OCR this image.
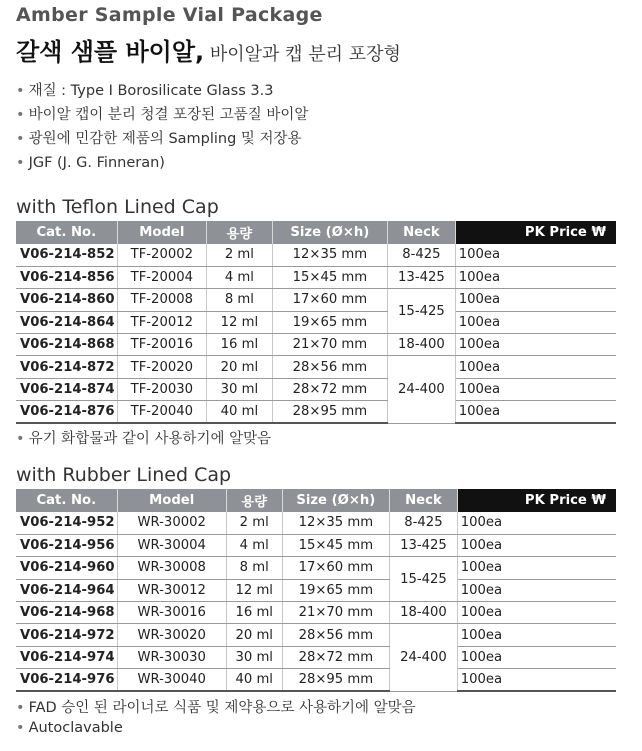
Amber Sample Vial Package
갈색 샘플 바이알, 바이알과 캡 분리 포장형
• 재질 : Type I Borosilicate Glass 3.3
• 바이알 캡이 분리 청결 포장된 고품질 바이알
• 광원에 민감한 제품의 Sampling 및 저장용
• JGF (J. G. Finneran)
with Teflon Lined Cap
Cat. No.	Model	용량	Size (Ø×h)	Neck	PK Price ₩
V06-214-852	TF-20002	2 ml	12×35 mm	8-425	100ea
V06-214-856	TF-20004	4 ml	15×45 mm	13-425	100ea
V06-214-860	TF-20008	8 ml	17×60 mm	15-425	100ea
V06-214-864	TF-20012	12 ml	19×65 mm		100ea
V06-214-868	TF-20016	16 ml	21×70 mm	18-400	100ea
V06-214-872	TF-20020	20 ml	28×56 mm	24-400	100ea
V06-214-874	TF-20030	30 ml	28×72 mm		100ea
V06-214-876	TF-20040	40 ml	28×95 mm		100ea
• 유기 화합물과 같이 사용하기에 알맞음
with Rubber Lined Cap
Cat. No.	Model	용량	Size (Ø×h)	Neck	PK Price ₩
V06-214-952	WR-30002	2 ml	12×35 mm	8-425	100ea
V06-214-956	WR-30004	4 ml	15×45 mm	13-425	100ea
V06-214-960	WR-30008	8 ml	17×60 mm	15-425	100ea
V06-214-964	WR-30012	12 ml	19×65 mm		100ea
V06-214-968	WR-30016	16 ml	21×70 mm	18-400	100ea
V06-214-972	WR-30020	20 ml	28×56 mm	24-400	100ea
V06-214-974	WR-30030	30 ml	28×72 mm		100ea
V06-214-976	WR-30040	40 ml	28×95 mm		100ea
• FAD 승인 된 라이너로 식품 및 제약용으로 사용하기에 알맞음
• Autoclavable
